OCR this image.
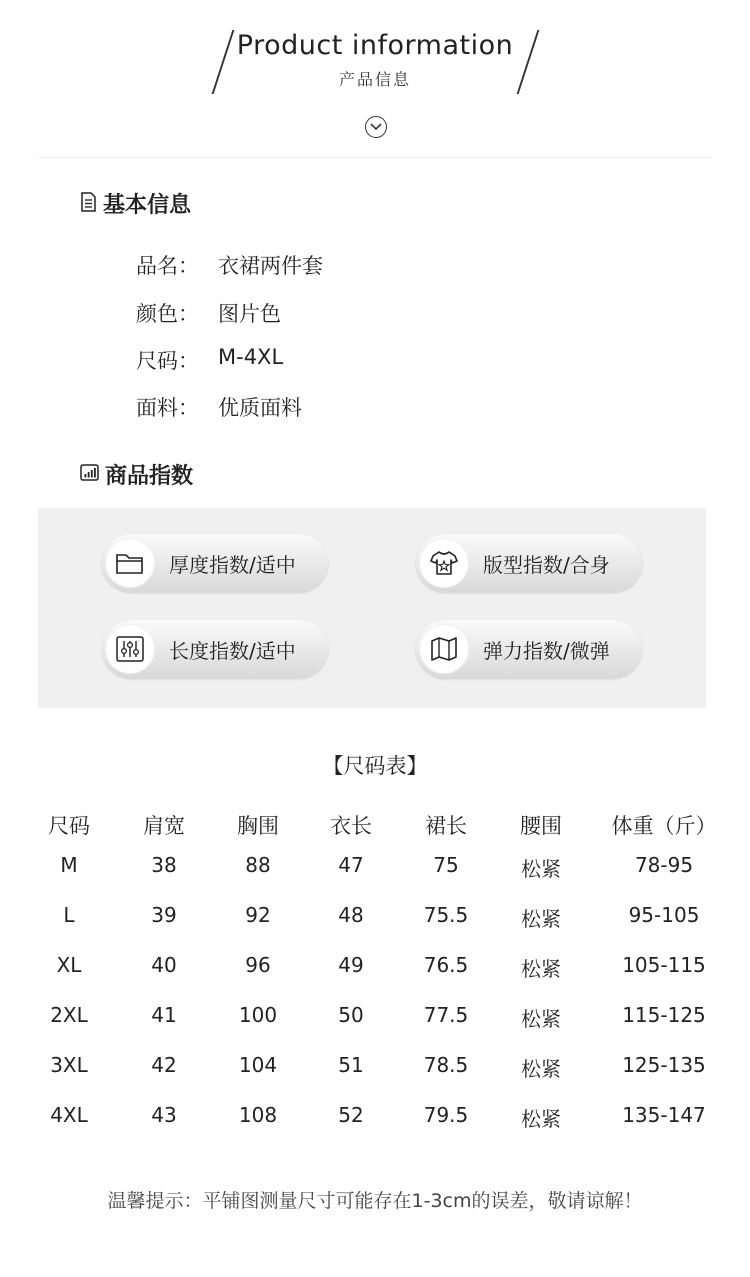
Product information
产品信息
基本信息
品名： 衣裙两件套
颜色： 图片色
尺码： M-4XL
面料： 优质面料
商品指数
厚度指数/适中	版型指数/合身
长度指数/适中	弹力指数/微弹
【尺码表】
尺码	肩宽	胸围	衣长	裙长	腰围	体重（斤）
M	38	88	47	75	松紧	78-95
L	39	92	48	75.5	松紧	95-105
XL	40	96	49	76.5	松紧	105-115
2XL	41	100	50	77.5	松紧	115-125
3XL	42	104	51	78.5	松紧	125-135
4XL	43	108	52	79.5	松紧	135-147
温馨提示：平铺图测量尺寸可能存在1-3cm的误差，敬请谅解！
